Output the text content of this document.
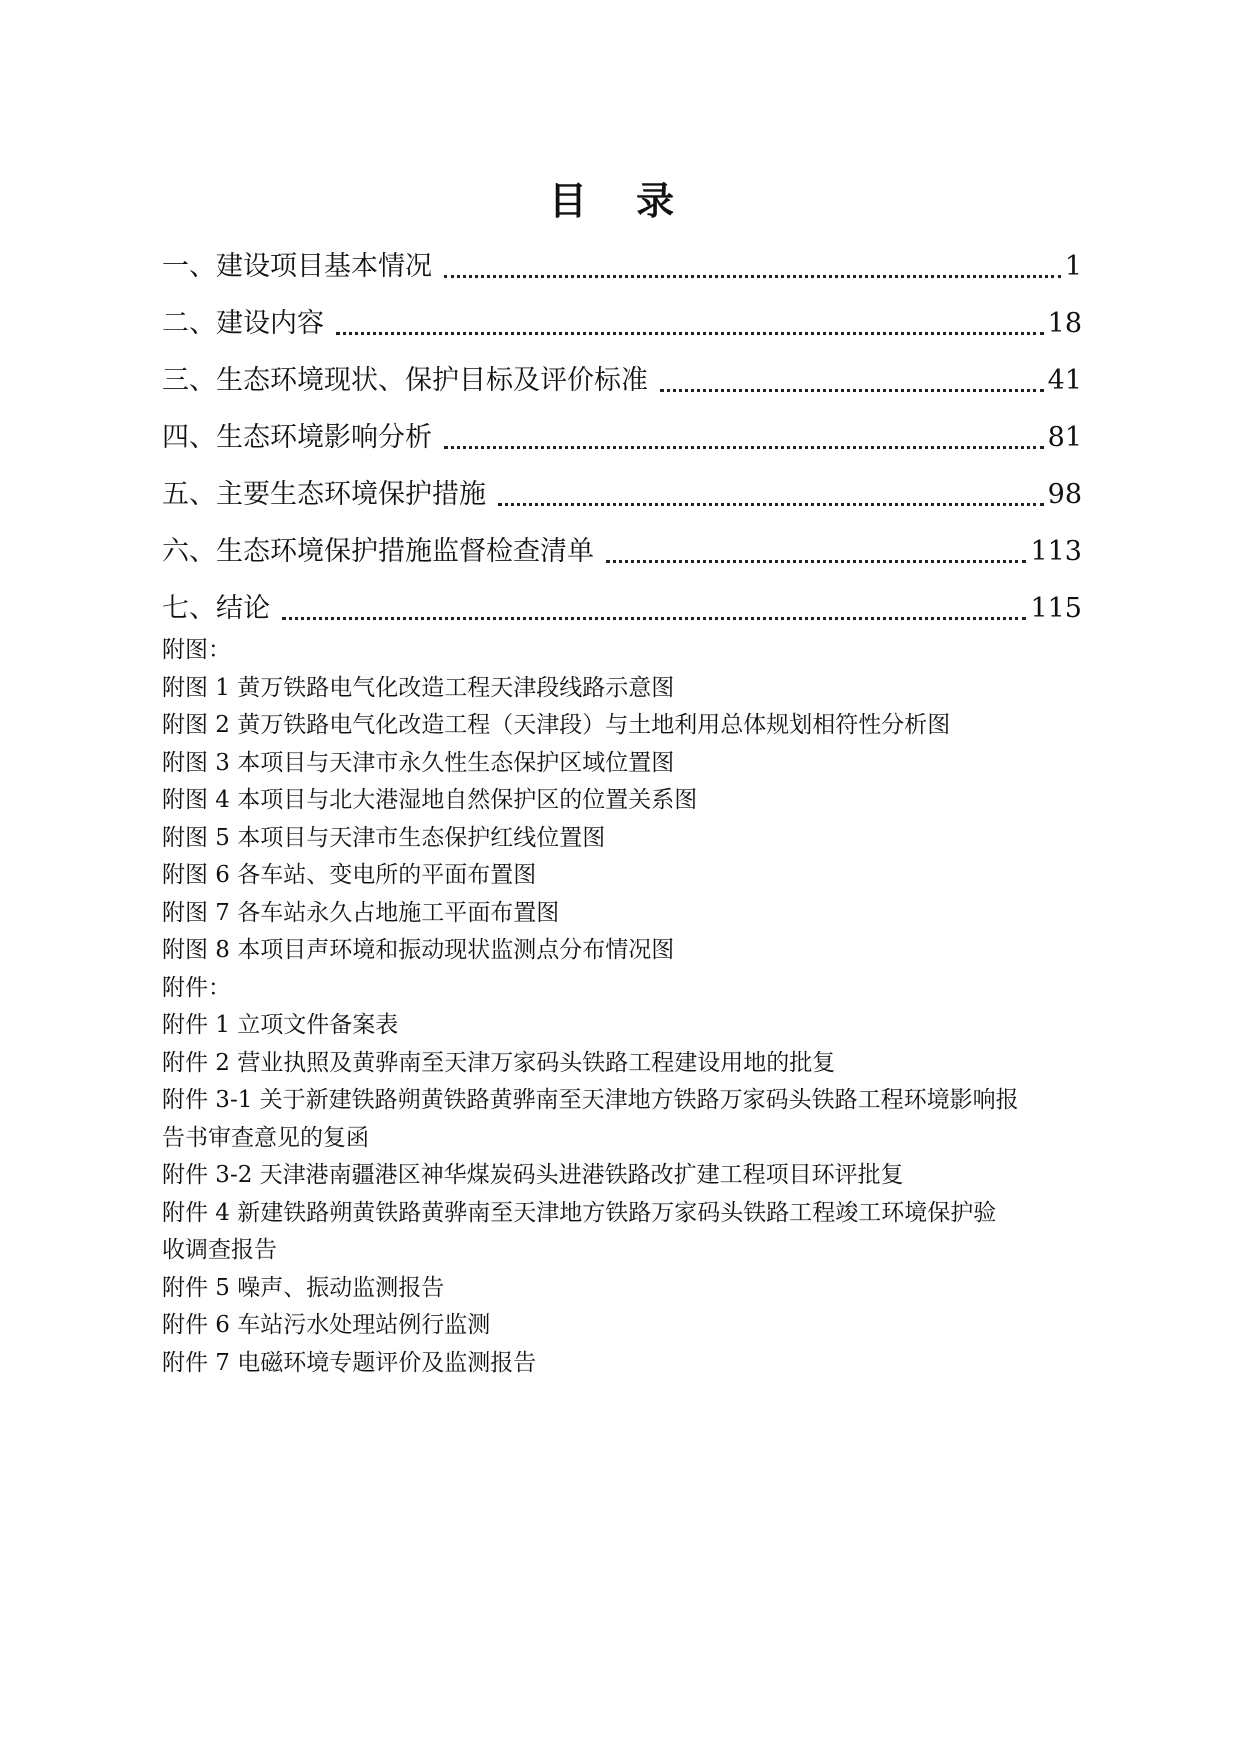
目 录
一、建设项目基本情况	1
二、建设内容	18
三、生态环境现状、保护目标及评价标准	41
四、生态环境影响分析	81
五、主要生态环境保护措施	98
六、生态环境保护措施监督检查清单	113
七、结论	115
附图：
附图 1 黄万铁路电气化改造工程天津段线路示意图
附图 2 黄万铁路电气化改造工程（天津段）与土地利用总体规划相符性分析图
附图 3 本项目与天津市永久性生态保护区域位置图
附图 4 本项目与北大港湿地自然保护区的位置关系图
附图 5 本项目与天津市生态保护红线位置图
附图 6 各车站、变电所的平面布置图
附图 7 各车站永久占地施工平面布置图
附图 8 本项目声环境和振动现状监测点分布情况图
附件：
附件 1 立项文件备案表
附件 2 营业执照及黄骅南至天津万家码头铁路工程建设用地的批复
附件 3-1 关于新建铁路朔黄铁路黄骅南至天津地方铁路万家码头铁路工程环境影响报
告书审查意见的复函
附件 3-2 天津港南疆港区神华煤炭码头进港铁路改扩建工程项目环评批复
附件 4 新建铁路朔黄铁路黄骅南至天津地方铁路万家码头铁路工程竣工环境保护验
收调查报告
附件 5 噪声、振动监测报告
附件 6 车站污水处理站例行监测
附件 7 电磁环境专题评价及监测报告
